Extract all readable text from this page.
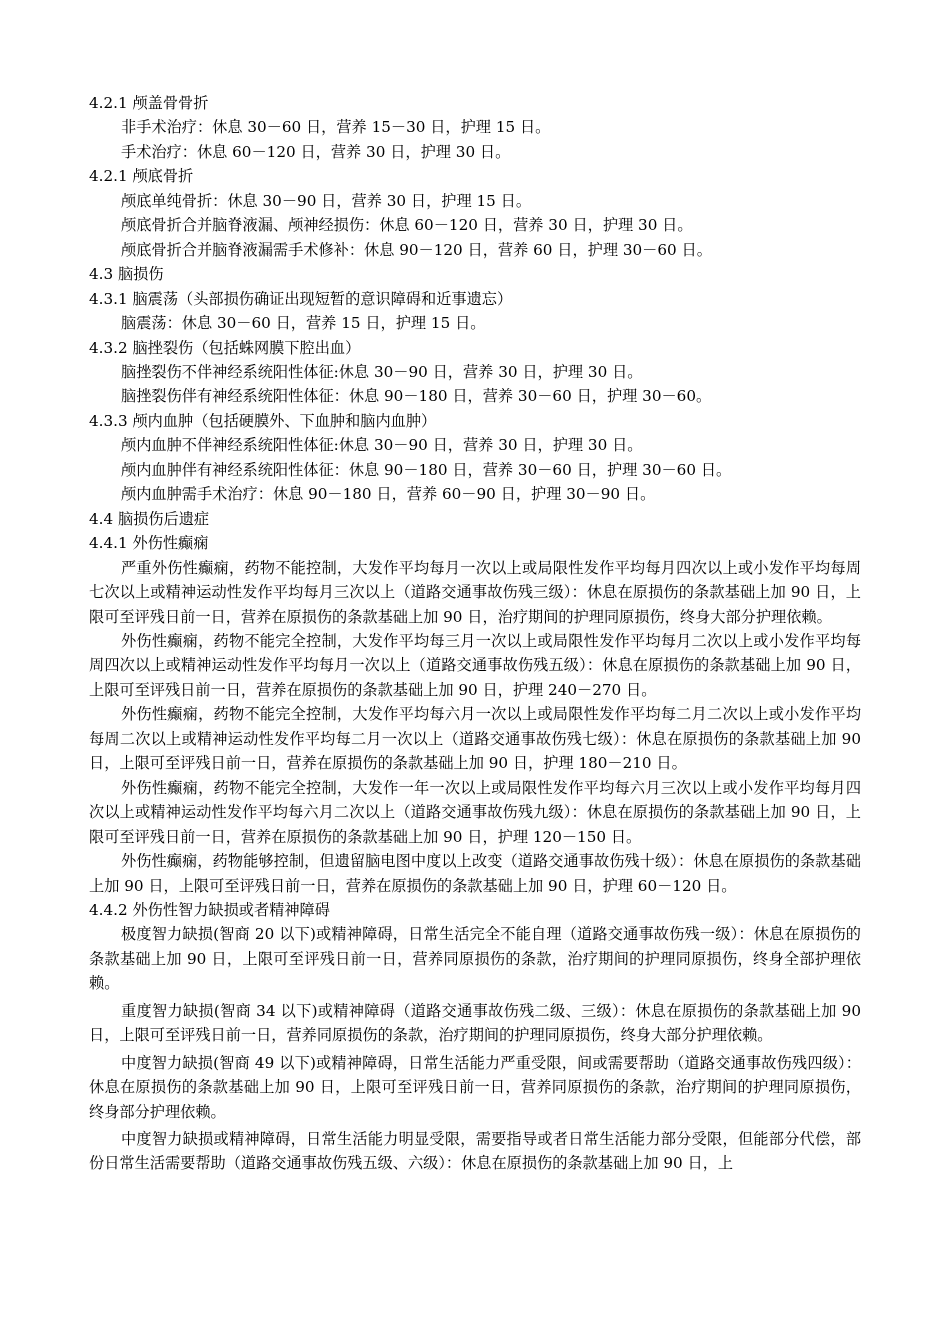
4.2.1 颅盖骨骨折
非手术治疗：休息 30－60 日，营养 15－30 日，护理 15 日。
手术治疗：休息 60－120 日，营养 30 日，护理 30 日。
4.2.1 颅底骨折
颅底单纯骨折：休息 30－90 日，营养 30 日，护理 15 日。
颅底骨折合并脑脊液漏、颅神经损伤：休息 60－120 日，营养 30 日，护理 30 日。
颅底骨折合并脑脊液漏需手术修补：休息 90－120 日，营养 60 日，护理 30－60 日。
4.3 脑损伤
4.3.1 脑震荡（头部损伤确证出现短暂的意识障碍和近事遗忘）
脑震荡：休息 30－60 日，营养 15 日，护理 15 日。
4.3.2 脑挫裂伤（包括蛛网膜下腔出血）
脑挫裂伤不伴神经系统阳性体征:休息 30－90 日，营养 30 日，护理 30 日。
脑挫裂伤伴有神经系统阳性体征：休息 90－180 日，营养 30－60 日，护理 30－60。
4.3.3 颅内血肿（包括硬膜外、下血肿和脑内血肿）
颅内血肿不伴神经系统阳性体征:休息 30－90 日，营养 30 日，护理 30 日。
颅内血肿伴有神经系统阳性体征：休息 90－180 日，营养 30－60 日，护理 30－60 日。
颅内血肿需手术治疗：休息 90－180 日，营养 60－90 日，护理 30－90 日。
4.4 脑损伤后遗症
4.4.1 外伤性癫痫
严重外伤性癫痫，药物不能控制，大发作平均每月一次以上或局限性发作平均每月四次以上或小发作平均每周七次以上或精神运动性发作平均每月三次以上（道路交通事故伤残三级）：休息在原损伤的条款基础上加 90 日，上限可至评残日前一日，营养在原损伤的条款基础上加 90 日，治疗期间的护理同原损伤，终身大部分护理依赖。
外伤性癫痫，药物不能完全控制，大发作平均每三月一次以上或局限性发作平均每月二次以上或小发作平均每周四次以上或精神运动性发作平均每月一次以上（道路交通事故伤残五级）：休息在原损伤的条款基础上加 90 日，上限可至评残日前一日，营养在原损伤的条款基础上加 90 日，护理 240－270 日。
外伤性癫痫，药物不能完全控制，大发作平均每六月一次以上或局限性发作平均每二月二次以上或小发作平均每周二次以上或精神运动性发作平均每二月一次以上（道路交通事故伤残七级）：休息在原损伤的条款基础上加 90 日，上限可至评残日前一日，营养在原损伤的条款基础上加 90 日，护理 180－210 日。
外伤性癫痫，药物不能完全控制，大发作一年一次以上或局限性发作平均每六月三次以上或小发作平均每月四次以上或精神运动性发作平均每六月二次以上（道路交通事故伤残九级）：休息在原损伤的条款基础上加 90 日，上限可至评残日前一日，营养在原损伤的条款基础上加 90 日，护理 120－150 日。
外伤性癫痫，药物能够控制，但遗留脑电图中度以上改变（道路交通事故伤残十级）：休息在原损伤的条款基础上加 90 日，上限可至评残日前一日，营养在原损伤的条款基础上加 90 日，护理 60－120 日。
4.4.2 外伤性智力缺损或者精神障碍
极度智力缺损(智商 20 以下)或精神障碍，日常生活完全不能自理（道路交通事故伤残一级）：休息在原损伤的条款基础上加 90 日，上限可至评残日前一日，营养同原损伤的条款，治疗期间的护理同原损伤，终身全部护理依赖。
重度智力缺损(智商 34 以下)或精神障碍（道路交通事故伤残二级、三级）：休息在原损伤的条款基础上加 90 日，上限可至评残日前一日，营养同原损伤的条款，治疗期间的护理同原损伤，终身大部分护理依赖。
中度智力缺损(智商 49 以下)或精神障碍，日常生活能力严重受限，间或需要帮助（道路交通事故伤残四级）：休息在原损伤的条款基础上加 90 日，上限可至评残日前一日，营养同原损伤的条款，治疗期间的护理同原损伤，终身部分护理依赖。
中度智力缺损或精神障碍，日常生活能力明显受限，需要指导或者日常生活能力部分受限，但能部分代偿，部份日常生活需要帮助（道路交通事故伤残五级、六级）：休息在原损伤的条款基础上加 90 日，上
